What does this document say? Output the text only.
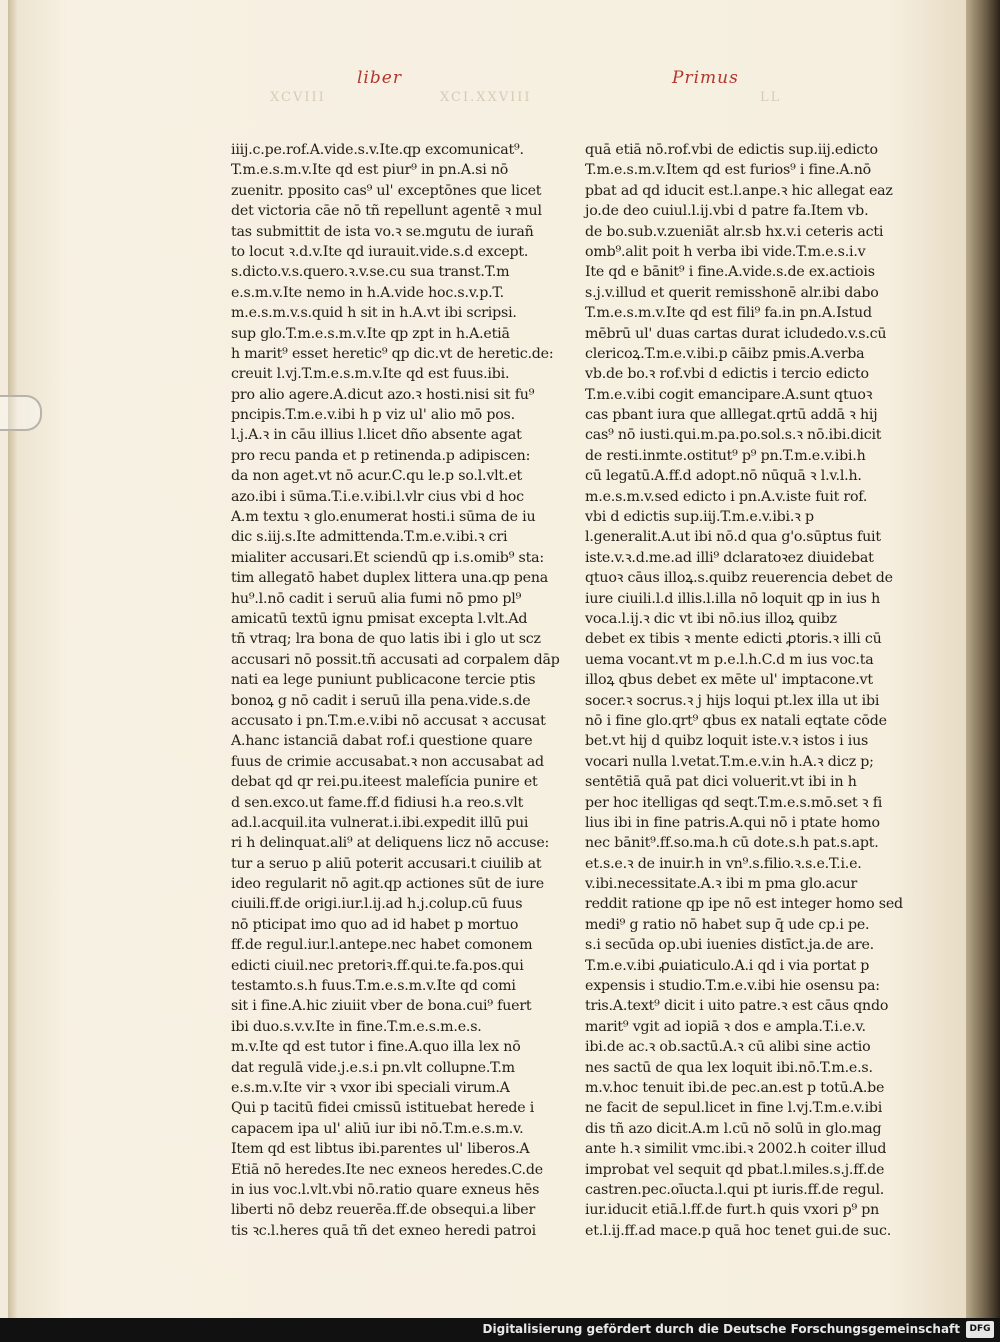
XCVIII
liber
XCI.XXVIII
Primus
LL
iiij.c.pe.rof.A.vide.s.v.Ite.qp excomunicat⁹.
T.m.e.s.m.v.Ite qd est piur⁹ in pn.A.si nō
zuenitr. pposito cas⁹ ul' exceptōnes que licet
det victoria cāe nō tñ repellunt agentē ꝛ mul
tas submittit de ista vo.ꝛ se.mgutu de iurañ
to locut ꝛ.d.v.Ite qd iurauit.vide.s.d except.
s.dicto.v.s.quero.ꝛ.v.se.cu sua transt.T.m
e.s.m.v.Ite nemo in h.A.vide hoc.s.v.p.T.
m.e.s.m.v.s.quid h sit in h.A.vt ibi scripsi.
sup glo.T.m.e.s.m.v.Ite qp zpt in h.A.etiā
h marit⁹ esset heretic⁹ qp dic.vt de heretic.de:
creuit l.vj.T.m.e.s.m.v.Ite qd est fuus.ibi.
pro alio agere.A.dicut azo.ꝛ hosti.nisi sit fu⁹
pncipis.T.m.e.v.ibi h p viz ul' alio mō pos.
l.j.A.ꝛ in cāu illius l.licet dño absente agat
pro recu panda et p retinenda.p adipiscen:
da non aget.vt nō acur.C.qu le.p so.l.vlt.et
azo.ibi i sūma.T.i.e.v.ibi.l.vlr cius vbi d hoc
A.m textu ꝛ glo.enumerat hosti.i sūma de iu
dic s.iij.s.Ite admittenda.T.m.e.v.ibi.ꝛ cri
mialiter accusari.Et sciendū qp i.s.omib⁹ sta:
tim allegatō habet duplex littera una.qp pena
hu⁹.l.nō cadit i seruū alia fumi nō pmo pl⁹
amicatū textū ignu pmisat excepta l.vlt.Ad
tñ vtraq; lra bona de quo latis ibi i glo ut scz
accusari nō possit.tñ accusati ad corpalem dāp
nati ea lege puniunt publicacone tercie ptis
bonoꝝ g nō cadit i seruū illa pena.vide.s.de
accusato i pn.T.m.e.v.ibi nō accusat ꝛ accusat
A.hanc istanciā dabat rof.i questione quare
fuus de crimie accusabat.ꝛ non accusabat ad
debat qd qr rei.pu.iteest malefícia punire et
d sen.exco.ut fame.ff.d fidiusi h.a reo.s.vlt
ad.l.acquil.ita vulnerat.i.ibi.expedit illū pui
ri h delinquat.ali⁹ at deliquens licz nō accuse:
tur a seruo p aliū poterit accusari.t ciuilib at
ideo regularit nō agit.qp actiones sūt de iure
ciuili.ff.de origi.iur.l.ij.ad h.j.colup.cū fuus
nō pticipat imo quo ad id habet p mortuo
ff.de regul.iur.l.antepe.nec habet comonem
edicti ciuil.nec pretoriꝛ.ff.qui.te.fa.pos.qui
testamto.s.h fuus.T.m.e.s.m.v.Ite qd comi
sit i fine.A.hic ziuiit vber de bona.cui⁹ fuert
ibi duo.s.v.v.Ite in fine.T.m.e.s.m.e.s.
m.v.Ite qd est tutor i fine.A.quo illa lex nō
dat regulā vide.j.e.s.i pn.vlt collupne.T.m
e.s.m.v.Ite vir ꝛ vxor ibi speciali virum.A
Qui p tacitū fidei cmissū istituebat herede i
capacem ipa ul' aliū iur ibi nō.T.m.e.s.m.v.
Item qd est libtus ibi.parentes ul' liberos.A
Etiā nō heredes.Ite nec exneos heredes.C.de
in ius voc.l.vlt.vbi nō.ratio quare exneus hēs
liberti nō debz reuerēa.ff.de obsequi.a liber
tis ꝛc.l.heres quā tñ det exneo heredi patroi
quā etiā nō.rof.vbi de edictis sup.iij.edicto
T.m.e.s.m.v.Item qd est furios⁹ i fine.A.nō
pbat ad qd iducit est.l.anpe.ꝛ hic allegat eaz
jo.de deo cuiul.l.ij.vbi d patre fa.Item vb.
de bo.sub.v.zueniāt alr.sb hx.v.i ceteris acti
omb⁹.alit poit h verba ibi vide.T.m.e.s.i.v
Ite qd e bānit⁹ i fine.A.vide.s.de ex.actiois
s.j.v.illud et querit remisshonē alr.ibi dabo
T.m.e.s.m.v.Ite qd est fili⁹ fa.in pn.A.Istud
mēbrū ul' duas cartas durat icludedo.v.s.cū
clericoꝝ.T.m.e.v.ibi.p cāibz pmis.A.verba
vb.de bo.ꝛ rof.vbi d edictis i tercio edicto
T.m.e.v.ibi cogit emancipare.A.sunt qtuoꝛ
cas pbant iura que alllegat.qrtū addā ꝛ hij
cas⁹ nō iusti.qui.m.pa.po.sol.s.ꝛ nō.ibi.dicit
de resti.inmte.ostitut⁹ p⁹ pn.T.m.e.v.ibi.h
cū legatū.A.ff.d adopt.nō nūquā ꝛ l.v.l.h.
m.e.s.m.v.sed edicto i pn.A.v.iste fuit rof.
vbi d edictis sup.iij.T.m.e.v.ibi.ꝛ p
l.generalit.A.ut ibi nō.d qua g'o.sūptus fuit
iste.v.ꝛ.d.me.ad illi⁹ dclaratoꝛez diuidebat
qtuoꝛ cāus illoꝝ.s.quibz reuerencia debet de
iure ciuili.l.d illis.l.illa nō loquit qp in ius h
voca.l.ij.ꝛ dic vt ibi nō.ius illoꝝ quibz
debet ex tibis ꝛ mente edicti ꝓtoris.ꝛ illi cū
uema vocant.vt m p.e.l.h.C.d m ius voc.ta
illoꝝ qbus debet ex mēte ul' imptacone.vt
socer.ꝛ socrus.ꝛ j hijs loqui pt.lex illa ut ibi
nō i fine glo.qrt⁹ qbus ex natali eqtate cōde
bet.vt hij d quibz loquit iste.v.ꝛ istos i ius
vocari nulla l.vetat.T.m.e.v.in h.A.ꝛ dicz p;
sentētiā quā pat dici voluerit.vt ibi in h
per hoc itelligas qd seqt.T.m.e.s.mō.set ꝛ fi
lius ibi in fine patris.A.qui nō i ptate homo
nec bānit⁹.ff.so.ma.h cū dote.s.h pat.s.apt.
et.s.e.ꝛ de inuir.h in vn⁹.s.filio.ꝛ.s.e.T.i.e.
v.ibi.necessitate.A.ꝛ ibi m pma glo.acur
reddit ratione qp ipe nō est integer homo sed
medi⁹ g ratio nō habet sup q̄ ude cp.i pe.
s.i secūda op.ubi iuenies distīct.ja.de are.
T.m.e.v.ibi ꝓuiaticulo.A.i qd i via portat p
expensis i studio.T.m.e.v.ibi hie osensu pa:
tris.A.text⁹ dicit i uito patre.ꝛ est cāus qndo
marit⁹ vgit ad iopiā ꝛ dos e ampla.T.i.e.v.
ibi.de ac.ꝛ ob.sactū.A.ꝛ cū alibi sine actio
nes sactū de qua lex loquit ibi.nō.T.m.e.s.
m.v.hoc tenuit ibi.de pec.an.est p totū.A.be
ne facit de sepul.licet in fine l.vj.T.m.e.v.ibi
dis tñ azo dicit.A.m l.cū nō solū in glo.mag
ante h.ꝛ similit vmc.ibi.ꝛ 2002.h coiter illud
improbat vel sequit qd pbat.l.miles.s.j.ff.de
castren.pec.oīucta.l.qui pt iuris.ff.de regul.
iur.iducit etiā.l.ff.de furt.h quis vxori p⁹ pn
et.l.ij.ff.ad mace.p quā hoc tenet gui.de suc.
Digitalisierung gefördert durch die Deutsche Forschungsgemeinschaft	DFG
